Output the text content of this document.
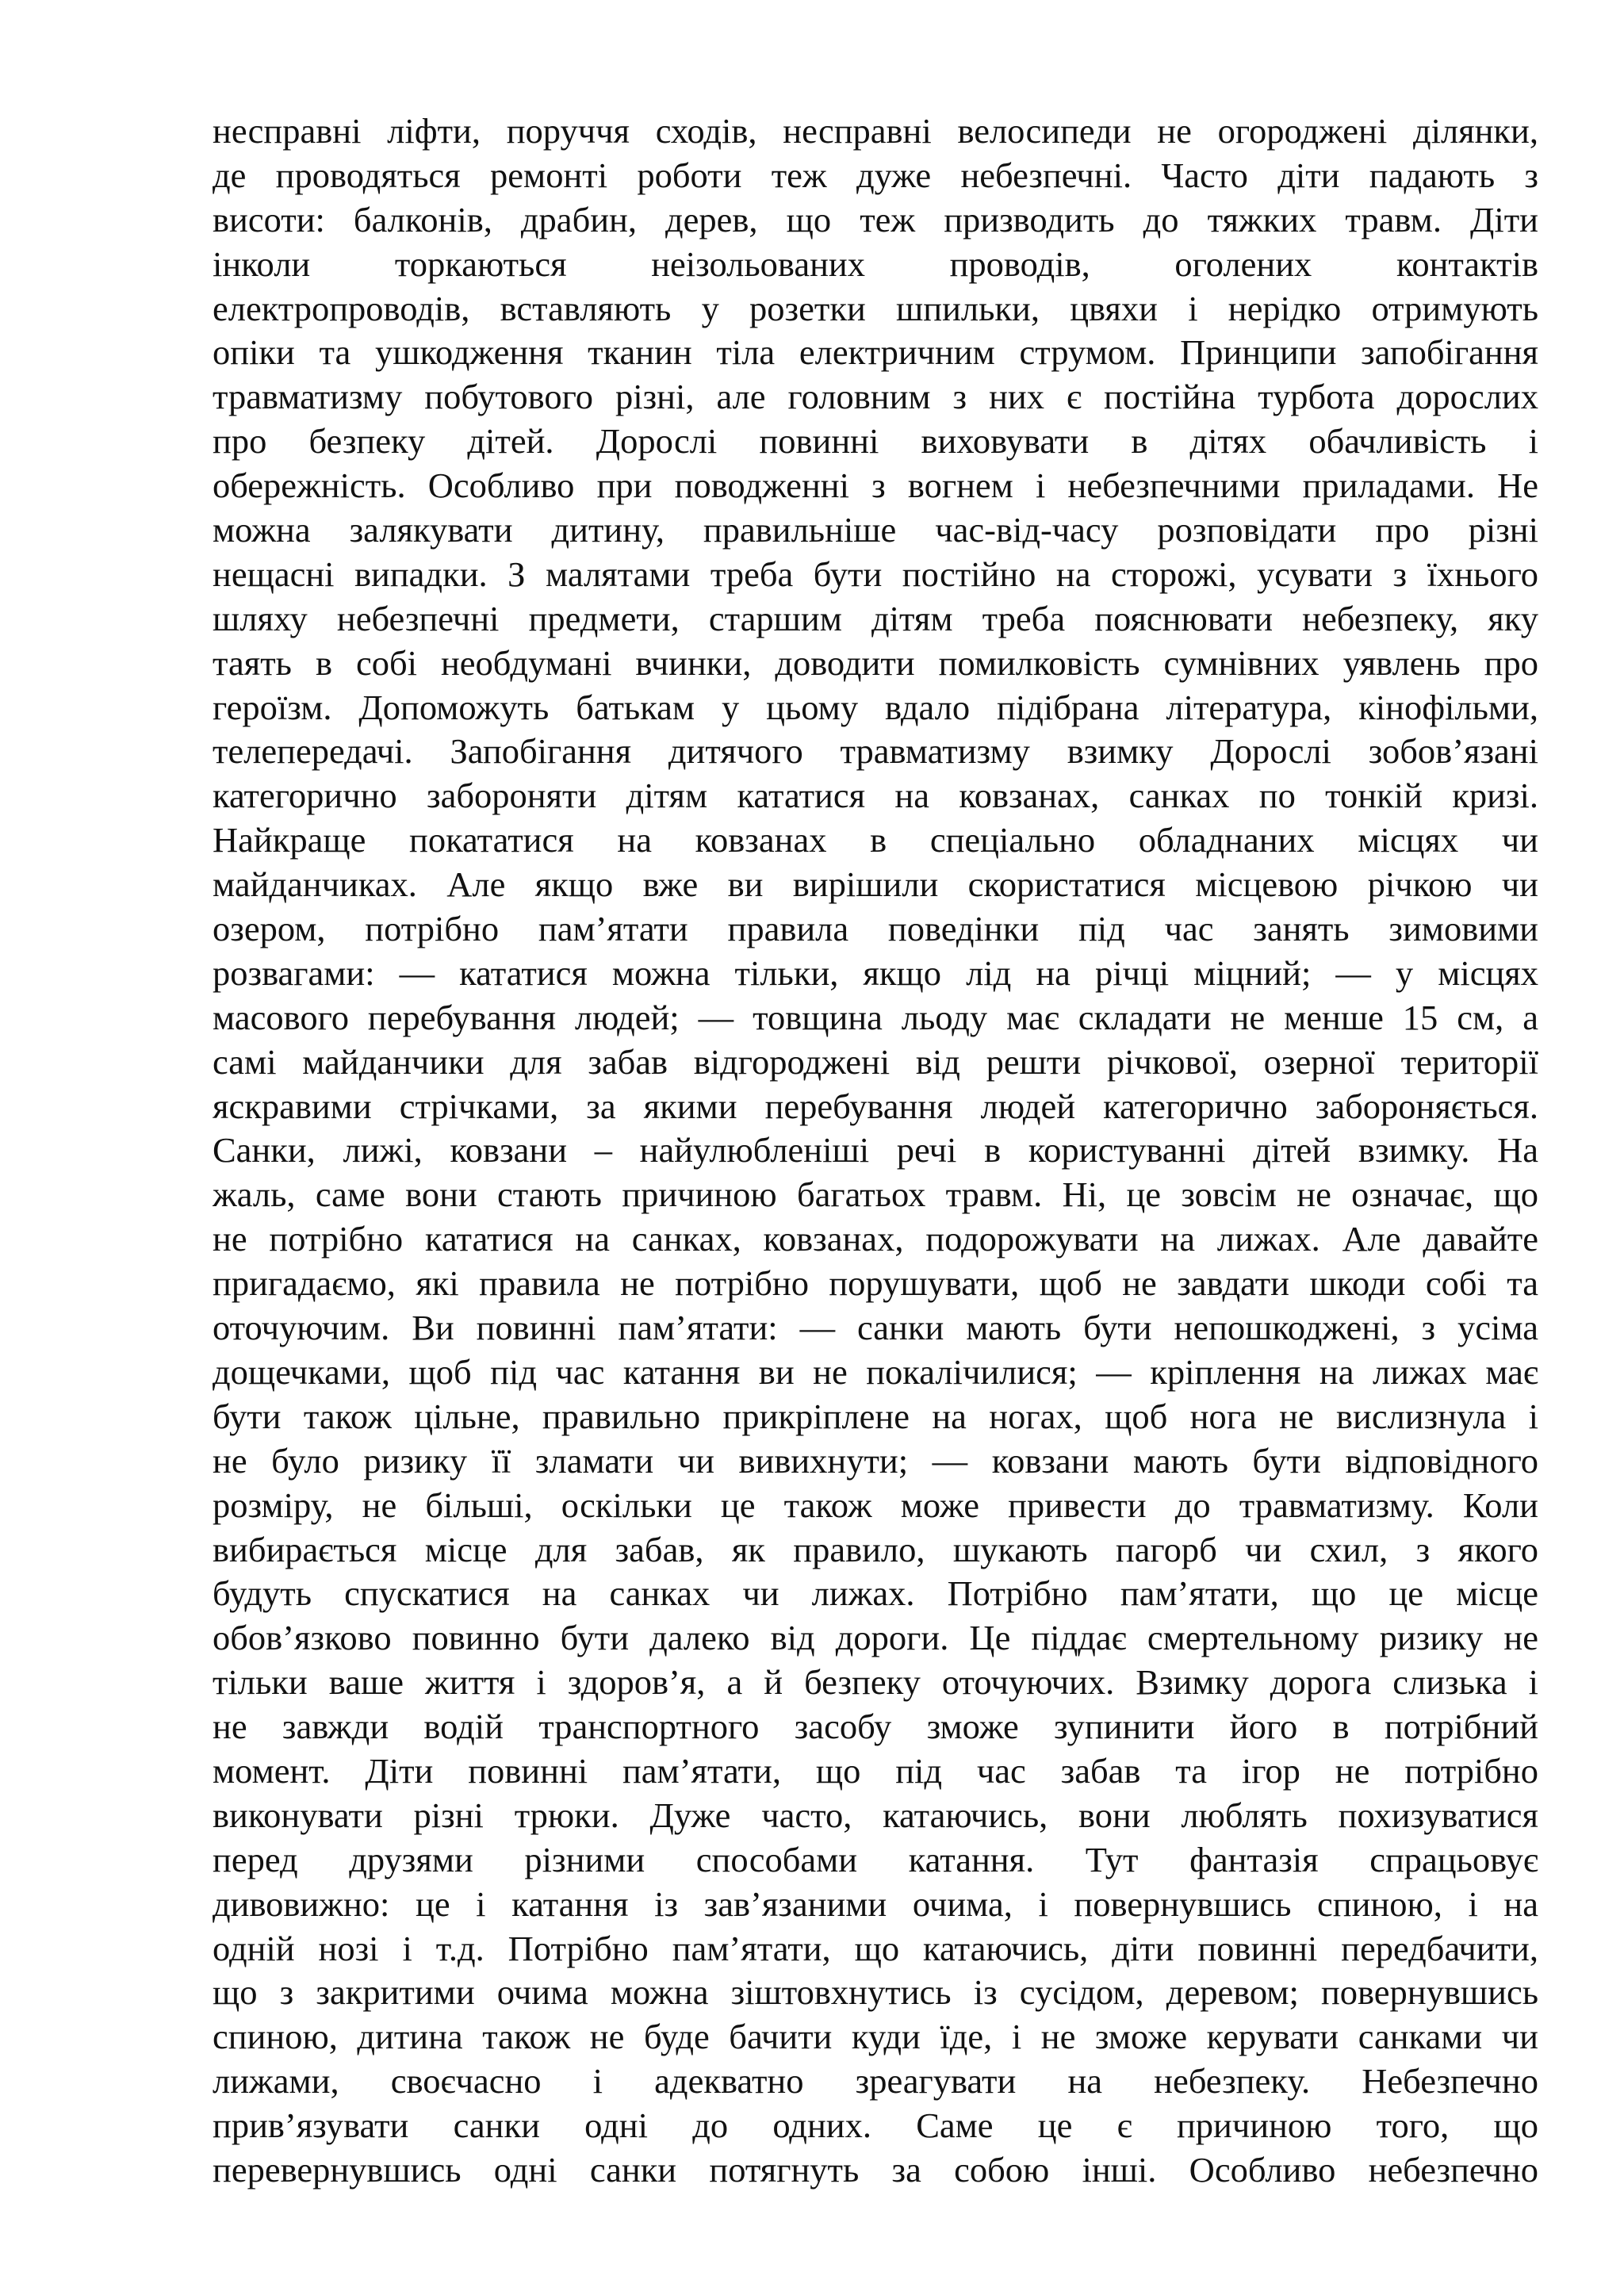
несправні ліфти, поруччя сходів, несправні велосипеди не огороджені ділянки,
де проводяться ремонті роботи теж дуже небезпечні. Часто діти падають з
висоти: балконів, драбин, дерев, що теж призводить до тяжких травм. Діти
інколи торкаються неізольованих проводів, оголених контактів
електропроводів, вставляють у розетки шпильки, цвяхи і нерідко отримують
опіки та ушкодження тканин тіла електричним струмом. Принципи запобігання
травматизму побутового різні, але головним з них є постійна турбота дорослих
про безпеку дітей. Дорослі повинні виховувати в дітях обачливість і
обережність. Особливо при поводженні з вогнем і небезпечними приладами. Не
можна залякувати дитину, правильніше час-від-часу розповідати про різні
нещасні випадки. З малятами треба бути постійно на сторожі, усувати з їхнього
шляху небезпечні предмети, старшим дітям треба пояснювати небезпеку, яку
таять в собі необдумані вчинки, доводити помилковість сумнівних уявлень про
героїзм. Допоможуть батькам у цьому вдало підібрана література, кінофільми,
телепередачі. Запобігання дитячого травматизму взимку Дорослі зобов’язані
категорично забороняти дітям кататися на ковзанах, санках по тонкій кризі.
Найкраще покататися на ковзанах в спеціально обладнаних місцях чи
майданчиках. Але якщо вже ви вирішили скористатися місцевою річкою чи
озером, потрібно пам’ятати правила поведінки під час занять зимовими
розвагами: — кататися можна тільки, якщо лід на річці міцний; — у місцях
масового перебування людей; — товщина льоду має складати не менше 15 см, а
самі майданчики для забав відгороджені від решти річкової, озерної території
яскравими стрічками, за якими перебування людей категорично забороняється.
Санки, лижі, ковзани – найулюбленіші речі в користуванні дітей взимку. На
жаль, саме вони стають причиною багатьох травм. Ні, це зовсім не означає, що
не потрібно кататися на санках, ковзанах, подорожувати на лижах. Але давайте
пригадаємо, які правила не потрібно порушувати, щоб не завдати шкоди собі та
оточуючим. Ви повинні пам’ятати: — санки мають бути непошкоджені, з усіма
дощечками, щоб під час катання ви не покалічилися; — кріплення на лижах має
бути також цільне, правильно прикріплене на ногах, щоб нога не вислизнула і
не було ризику її зламати чи вивихнути; — ковзани мають бути відповідного
розміру, не більші, оскільки це також може привести до травматизму. Коли
вибирається місце для забав, як правило, шукають пагорб чи схил, з якого
будуть спускатися на санках чи лижах. Потрібно пам’ятати, що це місце
обов’язково повинно бути далеко від дороги. Це піддає смертельному ризику не
тільки ваше життя і здоров’я, а й безпеку оточуючих. Взимку дорога слизька і
не завжди водій транспортного засобу зможе зупинити його в потрібний
момент. Діти повинні пам’ятати, що під час забав та ігор не потрібно
виконувати різні трюки. Дуже часто, катаючись, вони люблять похизуватися
перед друзями різними способами катання. Тут фантазія спрацьовує
дивовижно: це і катання із зав’язаними очима, і повернувшись спиною, і на
одній нозі і т.д. Потрібно пам’ятати, що катаючись, діти повинні передбачити,
що з закритими очима можна зіштовхнутись із сусідом, деревом; повернувшись
спиною, дитина також не буде бачити куди їде, і не зможе керувати санками чи
лижами, своєчасно і адекватно зреагувати на небезпеку. Небезпечно
прив’язувати санки одні до одних. Саме це є причиною того, що
перевернувшись одні санки потягнуть за собою інші. Особливо небезпечно
